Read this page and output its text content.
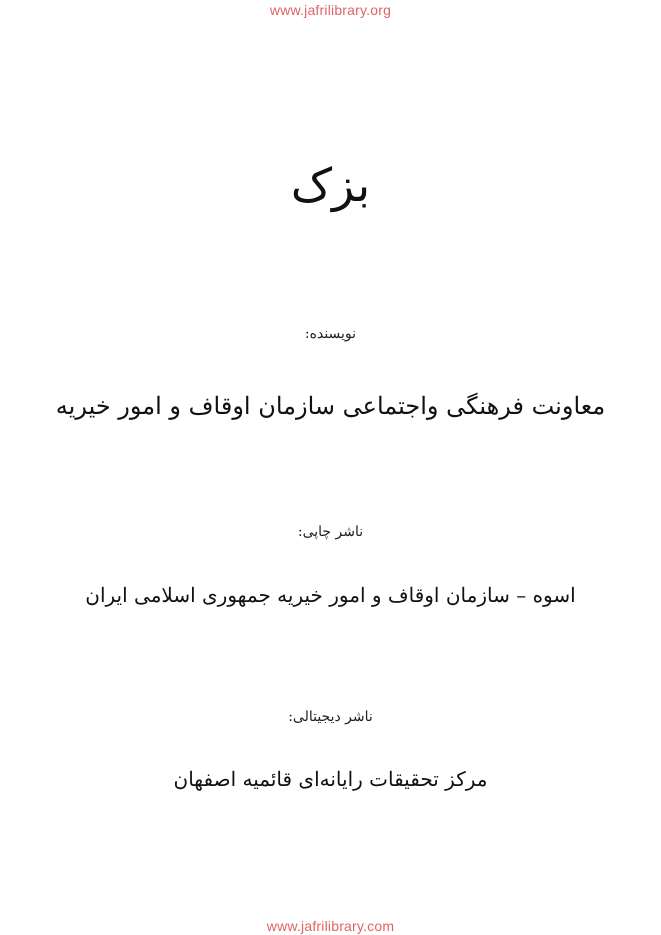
www.jafrilibrary.org
بزک
نویسنده:
معاونت فرهنگی واجتماعی سازمان اوقاف و امور خیریه
ناشر چاپی:
اسوه – سازمان اوقاف و امور خیریه جمهوری اسلامی ایران
ناشر دیجیتالی:
مرکز تحقیقات رایانه‌ای قائمیه اصفهان
www.jafrilibrary.com
